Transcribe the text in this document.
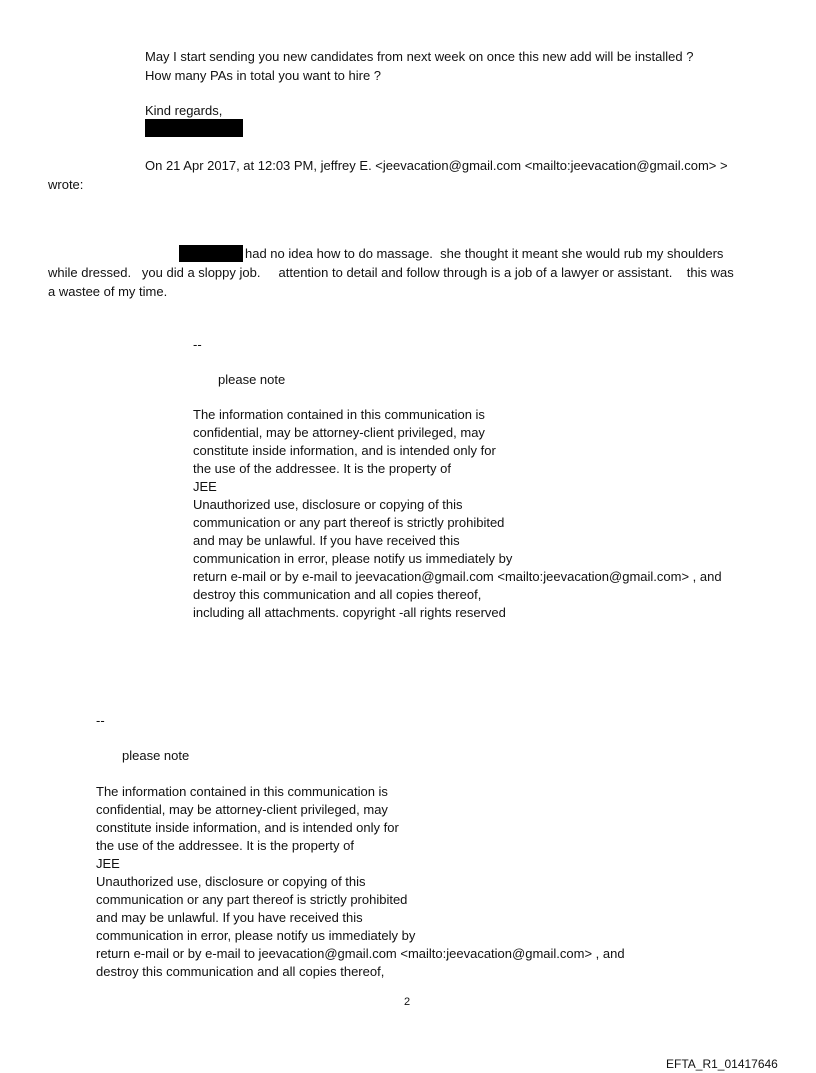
May I start sending you new candidates from next week on once this new add will be installed ?
How many PAs in total you want to hire ?
Kind regards,
On 21 Apr 2017, at 12:03 PM, jeffrey E. <jeevacation@gmail.com <mailto:jeevacation@gmail.com> >
wrote:
had no idea how to do massage.  she thought it meant she would rub my shoulders
while dressed.   you did a sloppy job.     attention to detail and follow through is a job of a lawyer or assistant.    this was
a wastee of my time.
--
please note
The information contained in this communication is
confidential, may be attorney-client privileged, may
constitute inside information, and is intended only for
the use of the addressee. It is the property of
JEE
Unauthorized use, disclosure or copying of this
communication or any part thereof is strictly prohibited
and may be unlawful. If you have received this
communication in error, please notify us immediately by
return e-mail or by e-mail to jeevacation@gmail.com <mailto:jeevacation@gmail.com> , and
destroy this communication and all copies thereof,
including all attachments. copyright -all rights reserved
--
please note
The information contained in this communication is
confidential, may be attorney-client privileged, may
constitute inside information, and is intended only for
the use of the addressee. It is the property of
JEE
Unauthorized use, disclosure or copying of this
communication or any part thereof is strictly prohibited
and may be unlawful. If you have received this
communication in error, please notify us immediately by
return e-mail or by e-mail to jeevacation@gmail.com <mailto:jeevacation@gmail.com> , and
destroy this communication and all copies thereof,
2
EFTA_R1_01417646
